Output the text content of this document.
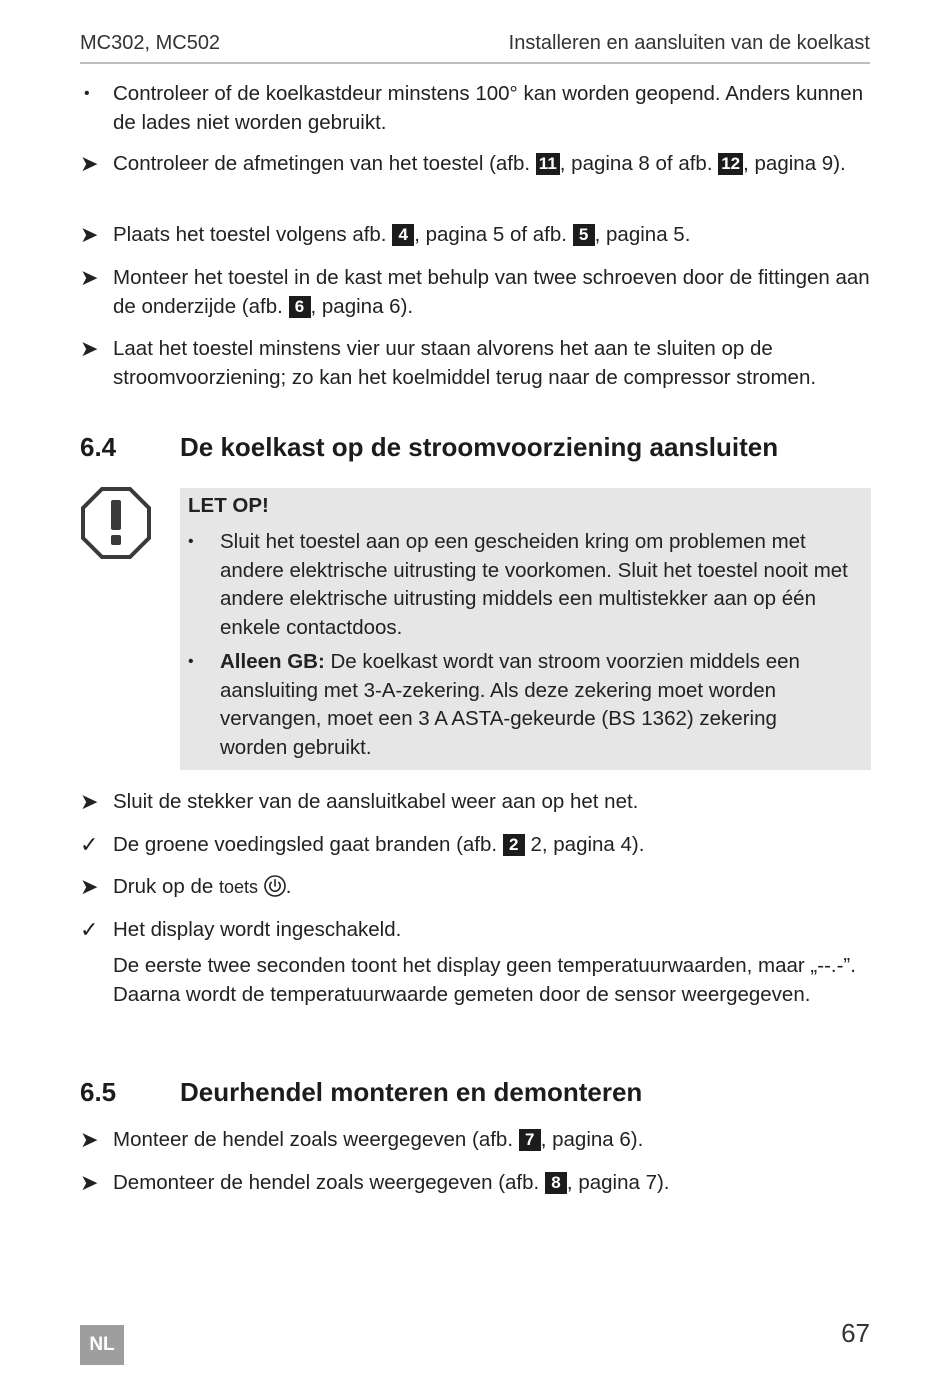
MC302, MC502	Installeren en aansluiten van de koelkast
•	Controleer of de koelkastdeur minstens 100° kan worden geopend. Anders kunnen de lades niet worden gebruikt.
➤ Controleer de afmetingen van het toestel (afb. 11 , pagina 8 of afb. 12 , pagina 9).
➤ Plaats het toestel volgens afb. 4 , pagina 5 of afb. 5 , pagina 5.
➤ Monteer het toestel in de kast met behulp van twee schroeven door de fittingen aan de onderzijde (afb. 6 , pagina 6).
➤ Laat het toestel minstens vier uur staan alvorens het aan te sluiten op de stroomvoorziening; zo kan het koelmiddel terug naar de compressor stromen.
6.4 De koelkast op de stroomvoorziening aansluiten
LET OP!
• Sluit het toestel aan op een gescheiden kring om problemen met andere elektrische uitrusting te voorkomen. Sluit het toestel nooit met andere elektrische uitrusting middels een multistekker aan op één enkele contactdoos.
• Alleen GB: De koelkast wordt van stroom voorzien middels een aansluiting met 3-A-zekering. Als deze zekering moet worden vervangen, moet een 3 A ASTA-gekeurde (BS 1362) zekering worden gebruikt.
➤ Sluit de stekker van de aansluitkabel weer aan op het net.
✓ De groene voedingsled gaat branden (afb. 2 2, pagina 4).
➤ Druk op de toets .
✓ Het display wordt ingeschakeld.
De eerste twee seconden toont het display geen temperatuurwaarden, maar „--.-”. Daarna wordt de temperatuurwaarde gemeten door de sensor weergegeven.
6.5 Deurhendel monteren en demonteren
➤ Monteer de hendel zoals weergegeven (afb. 7 , pagina 6).
➤ Demonteer de hendel zoals weergegeven (afb. 8 , pagina 7).
NL	67
